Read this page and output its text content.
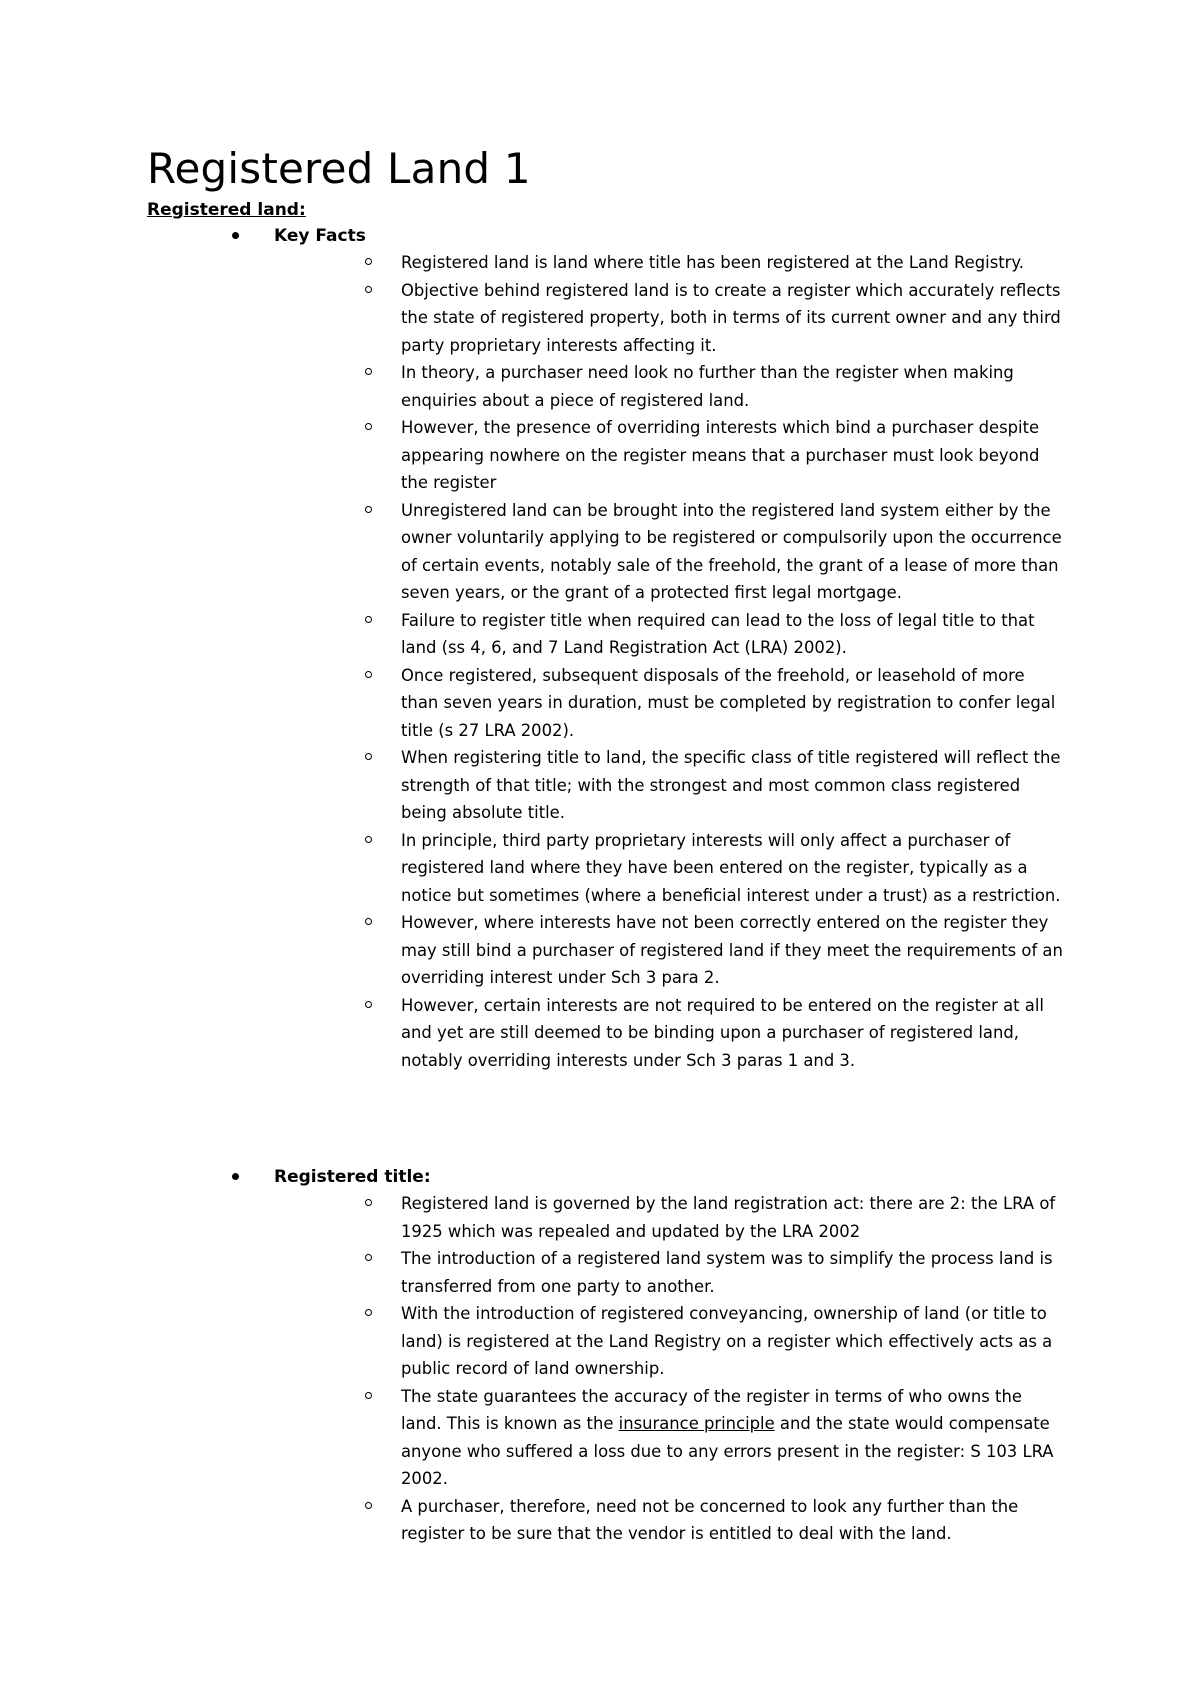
Registered Land 1
Registered land:
Key Facts
Registered land is land where title has been registered at the Land Registry.
Objective behind registered land is to create a register which accurately reflects the state of registered property, both in terms of its current owner and any third party proprietary interests affecting it.
In theory, a purchaser need look no further than the register when making enquiries about a piece of registered land.
However, the presence of overriding interests which bind a purchaser despite appearing nowhere on the register means that a purchaser must look beyond the register
Unregistered land can be brought into the registered land system either by the owner voluntarily applying to be registered or compulsorily upon the occurrence of certain events, notably sale of the freehold, the grant of a lease of more than seven years, or the grant of a protected first legal mortgage.
Failure to register title when required can lead to the loss of legal title to that land (ss 4, 6, and 7 Land Registration Act (LRA) 2002).
Once registered, subsequent disposals of the freehold, or leasehold of more than seven years in duration, must be completed by registration to confer legal title (s 27 LRA 2002).
When registering title to land, the specific class of title registered will reflect the strength of that title; with the strongest and most common class registered being absolute title.
In principle, third party proprietary interests will only affect a purchaser of registered land where they have been entered on the register, typically as a notice but sometimes (where a beneficial interest under a trust) as a restriction.
However, where interests have not been correctly entered on the register they may still bind a purchaser of registered land if they meet the requirements of an overriding interest under Sch 3 para 2.
However, certain interests are not required to be entered on the register at all and yet are still deemed to be binding upon a purchaser of registered land, notably overriding interests under Sch 3 paras 1 and 3.
Registered title:
Registered land is governed by the land registration act: there are 2: the LRA of 1925 which was repealed and updated by the LRA 2002
The introduction of a registered land system was to simplify the process land is transferred from one party to another.
With the introduction of registered conveyancing, ownership of land (or title to land) is registered at the Land Registry on a register which effectively acts as a public record of land ownership.
The state guarantees the accuracy of the register in terms of who owns the land. This is known as the insurance principle and the state would compensate anyone who suffered a loss due to any errors present in the register: S 103 LRA 2002.
A purchaser, therefore, need not be concerned to look any further than the register to be sure that the vendor is entitled to deal with the land.
